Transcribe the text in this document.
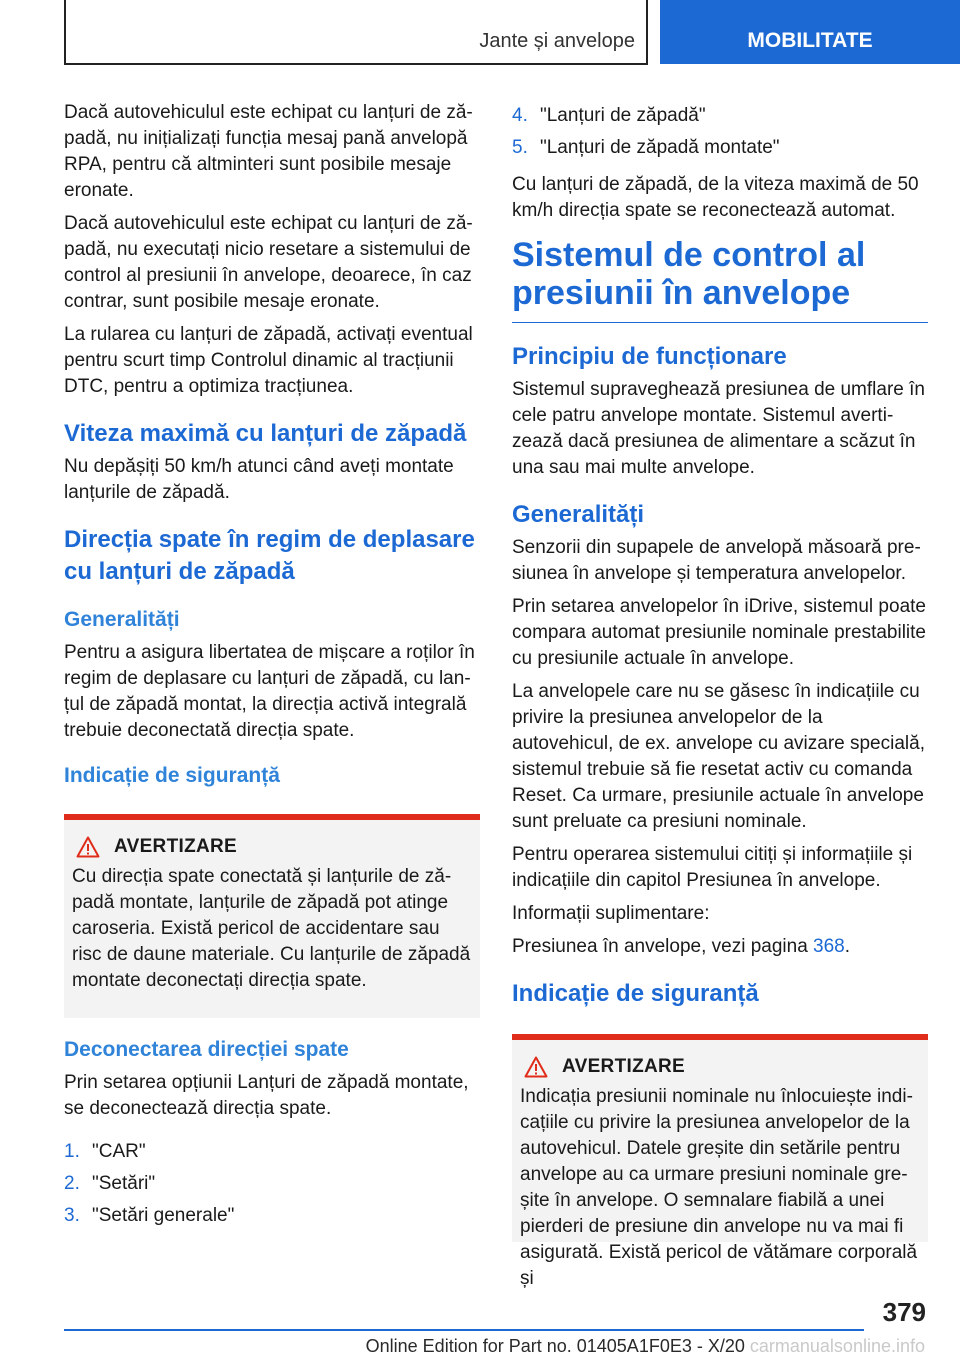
Jante și anvelope	MOBILITATE

Dacă autovehiculul este echipat cu lanțuri de zăpadă, nu inițializați funcția mesaj pană anvelopă RPA, pentru că altminteri sunt posibile mesaje eronate.

Dacă autovehiculul este echipat cu lanțuri de zăpadă, nu executați nicio resetare a sistemului de control al presiunii în anvelope, deoarece, în caz contrar, sunt posibile mesaje eronate.

La rularea cu lanțuri de zăpadă, activați eventual pentru scurt timp Controlul dinamic al tracțiunii DTC, pentru a optimiza tracțiunea.

Viteza maximă cu lanțuri de zăpadă

Nu depășiți 50 km/h atunci când aveți montate lanțurile de zăpadă.

Direcția spate în regim de deplasare cu lanțuri de zăpadă
Generalități

Pentru a asigura libertatea de mișcare a roților în regim de deplasare cu lanțuri de zăpadă, cu lanțul de zăpadă montat, la direcția activă integrală trebuie deconectată direcția spate.

Indicație de siguranță
AVERTIZARE

Cu direcția spate conectată și lanțurile de zăpadă montate, lanțurile de zăpadă pot atinge caroseria. Există pericol de accidentare sau risc de daune materiale. Cu lanțurile de zăpadă montate deconectați direcția spate.

Deconectarea direcției spate

Prin setarea opțiunii Lanțuri de zăpadă montate, se deconectează direcția spate.

1. "CAR"
2. "Setări"
3. "Setări generale"
4. "Lanțuri de zăpadă"
5. "Lanțuri de zăpadă montate"

Cu lanțuri de zăpadă, de la viteza maximă de 50 km/h direcția spate se reconectează automat.

Sistemul de control al presiunii în anvelope
Principiu de funcționare

Sistemul supraveghează presiunea de umflare în cele patru anvelope montate. Sistemul avertizează dacă presiunea de alimentare a scăzut în una sau mai multe anvelope.

Generalități

Senzorii din supapele de anvelopă măsoară presiunea în anvelope și temperatura anvelopelor.

Prin setarea anvelopelor în iDrive, sistemul poate compara automat presiunile nominale prestabilite cu presiunile actuale în anvelope.

La anvelopele care nu se găsesc în indicațiile cu privire la presiunea anvelopelor de la autovehicul, de ex. anvelope cu avizare specială, sistemul trebuie să fie resetat activ cu comanda Reset. Ca urmare, presiunile actuale în anvelope sunt preluate ca presiuni nominale.

Pentru operarea sistemului citiți și informațiile și indicațiile din capitol Presiunea în anvelope.

Informații suplimentare:

Presiunea în anvelope, vezi pagina 368.

Indicație de siguranță
AVERTIZARE

Indicația presiunii nominale nu înlocuiește indicațiile cu privire la presiunea anvelopelor de la autovehicul. Datele greșite din setările pentru anvelope au ca urmare presiuni nominale greșite în anvelope. O semnalare fiabilă a unei pierderi de presiune din anvelope nu va mai fi asigurată. Există pericol de vătămare corporală și

379
Online Edition for Part no. 01405A1F0E3 - X/20 carmanualsonline.info
